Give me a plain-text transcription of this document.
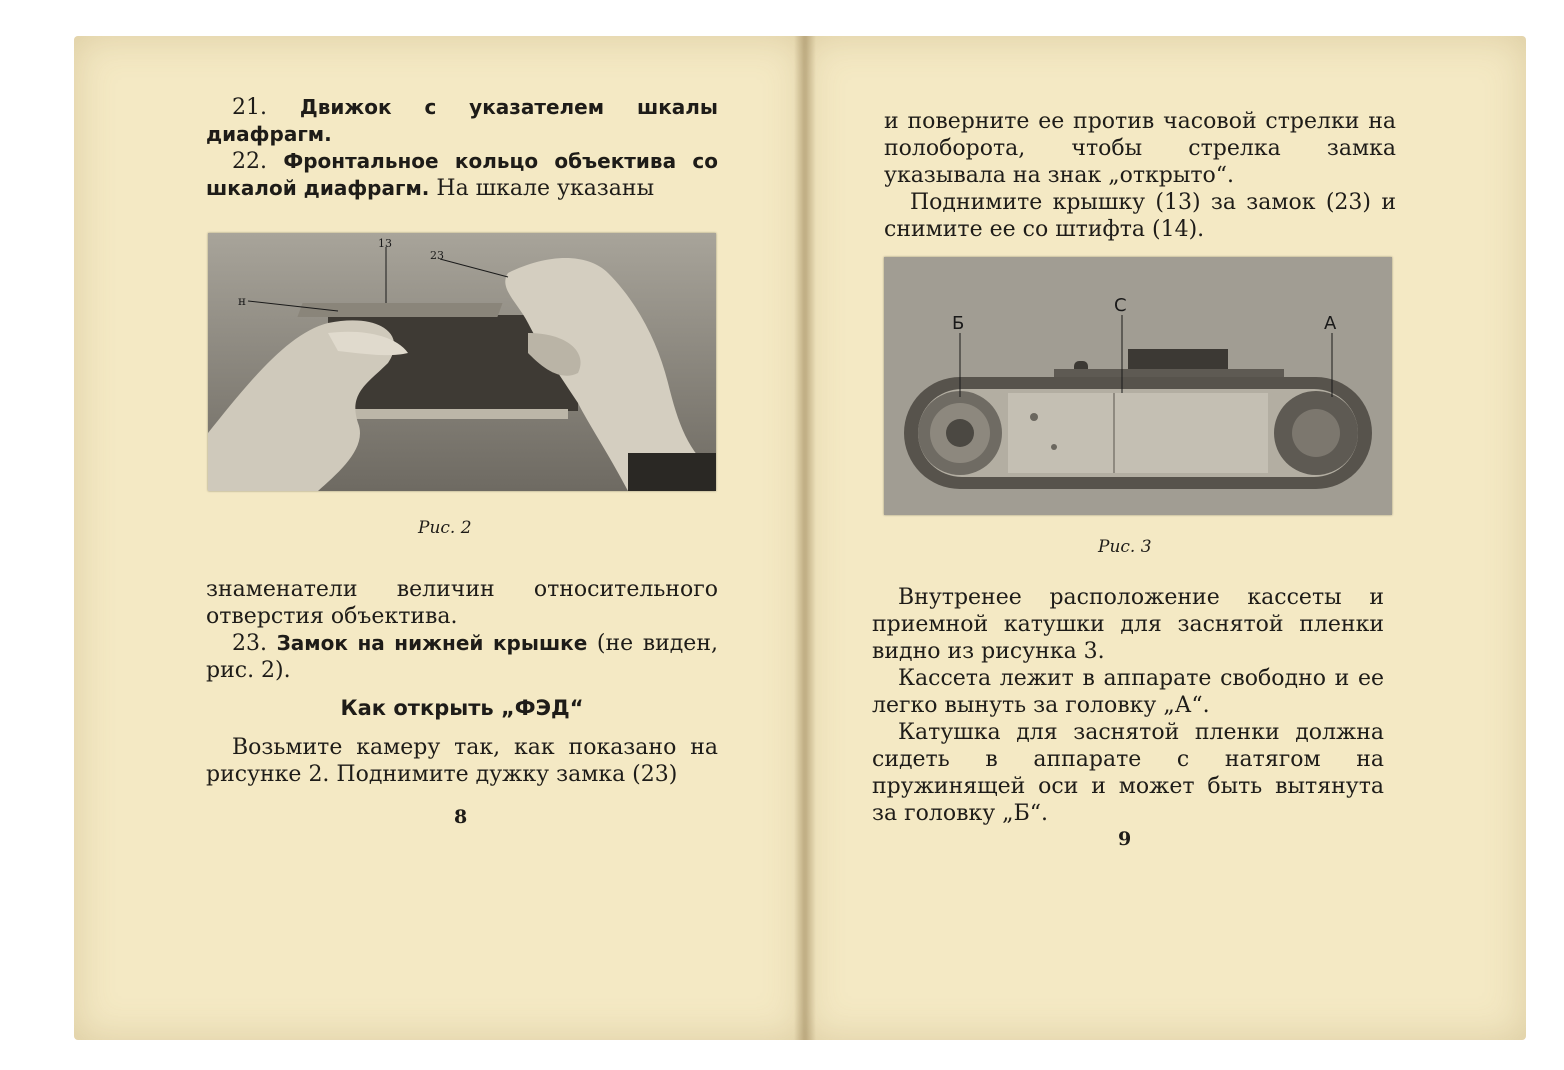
21. Движок с указателем шкалы диафрагм.

22. Фронтальное кольцо объектива со шкалой диафрагм. На шкале указаны

н
13
23
Рис. 2

знаменатели величин относительного отверстия объектива.

23. Замок на нижней крышке (не виден, рис. 2).

Как открыть „ФЭД“

Возьмите камеру так, как показано на рисунке 2. Поднимите дужку замка (23)

8

и поверните ее против часовой стрелки на полоборота, чтобы стрелка замка указывала на знак „открыто“.

Поднимите крышку (13) за замок (23) и снимите ее со штифта (14).

Б
С
А
Рис. 3

Внутренее расположение кассеты и приемной катушки для заснятой пленки видно из рисунка 3.

Кассета лежит в аппарате свободно и ее легко вынуть за головку „А“.

Катушка для заснятой пленки должна сидеть в аппарате с натягом на пружинящей оси и может быть вытянута за головку „Б“.

9
